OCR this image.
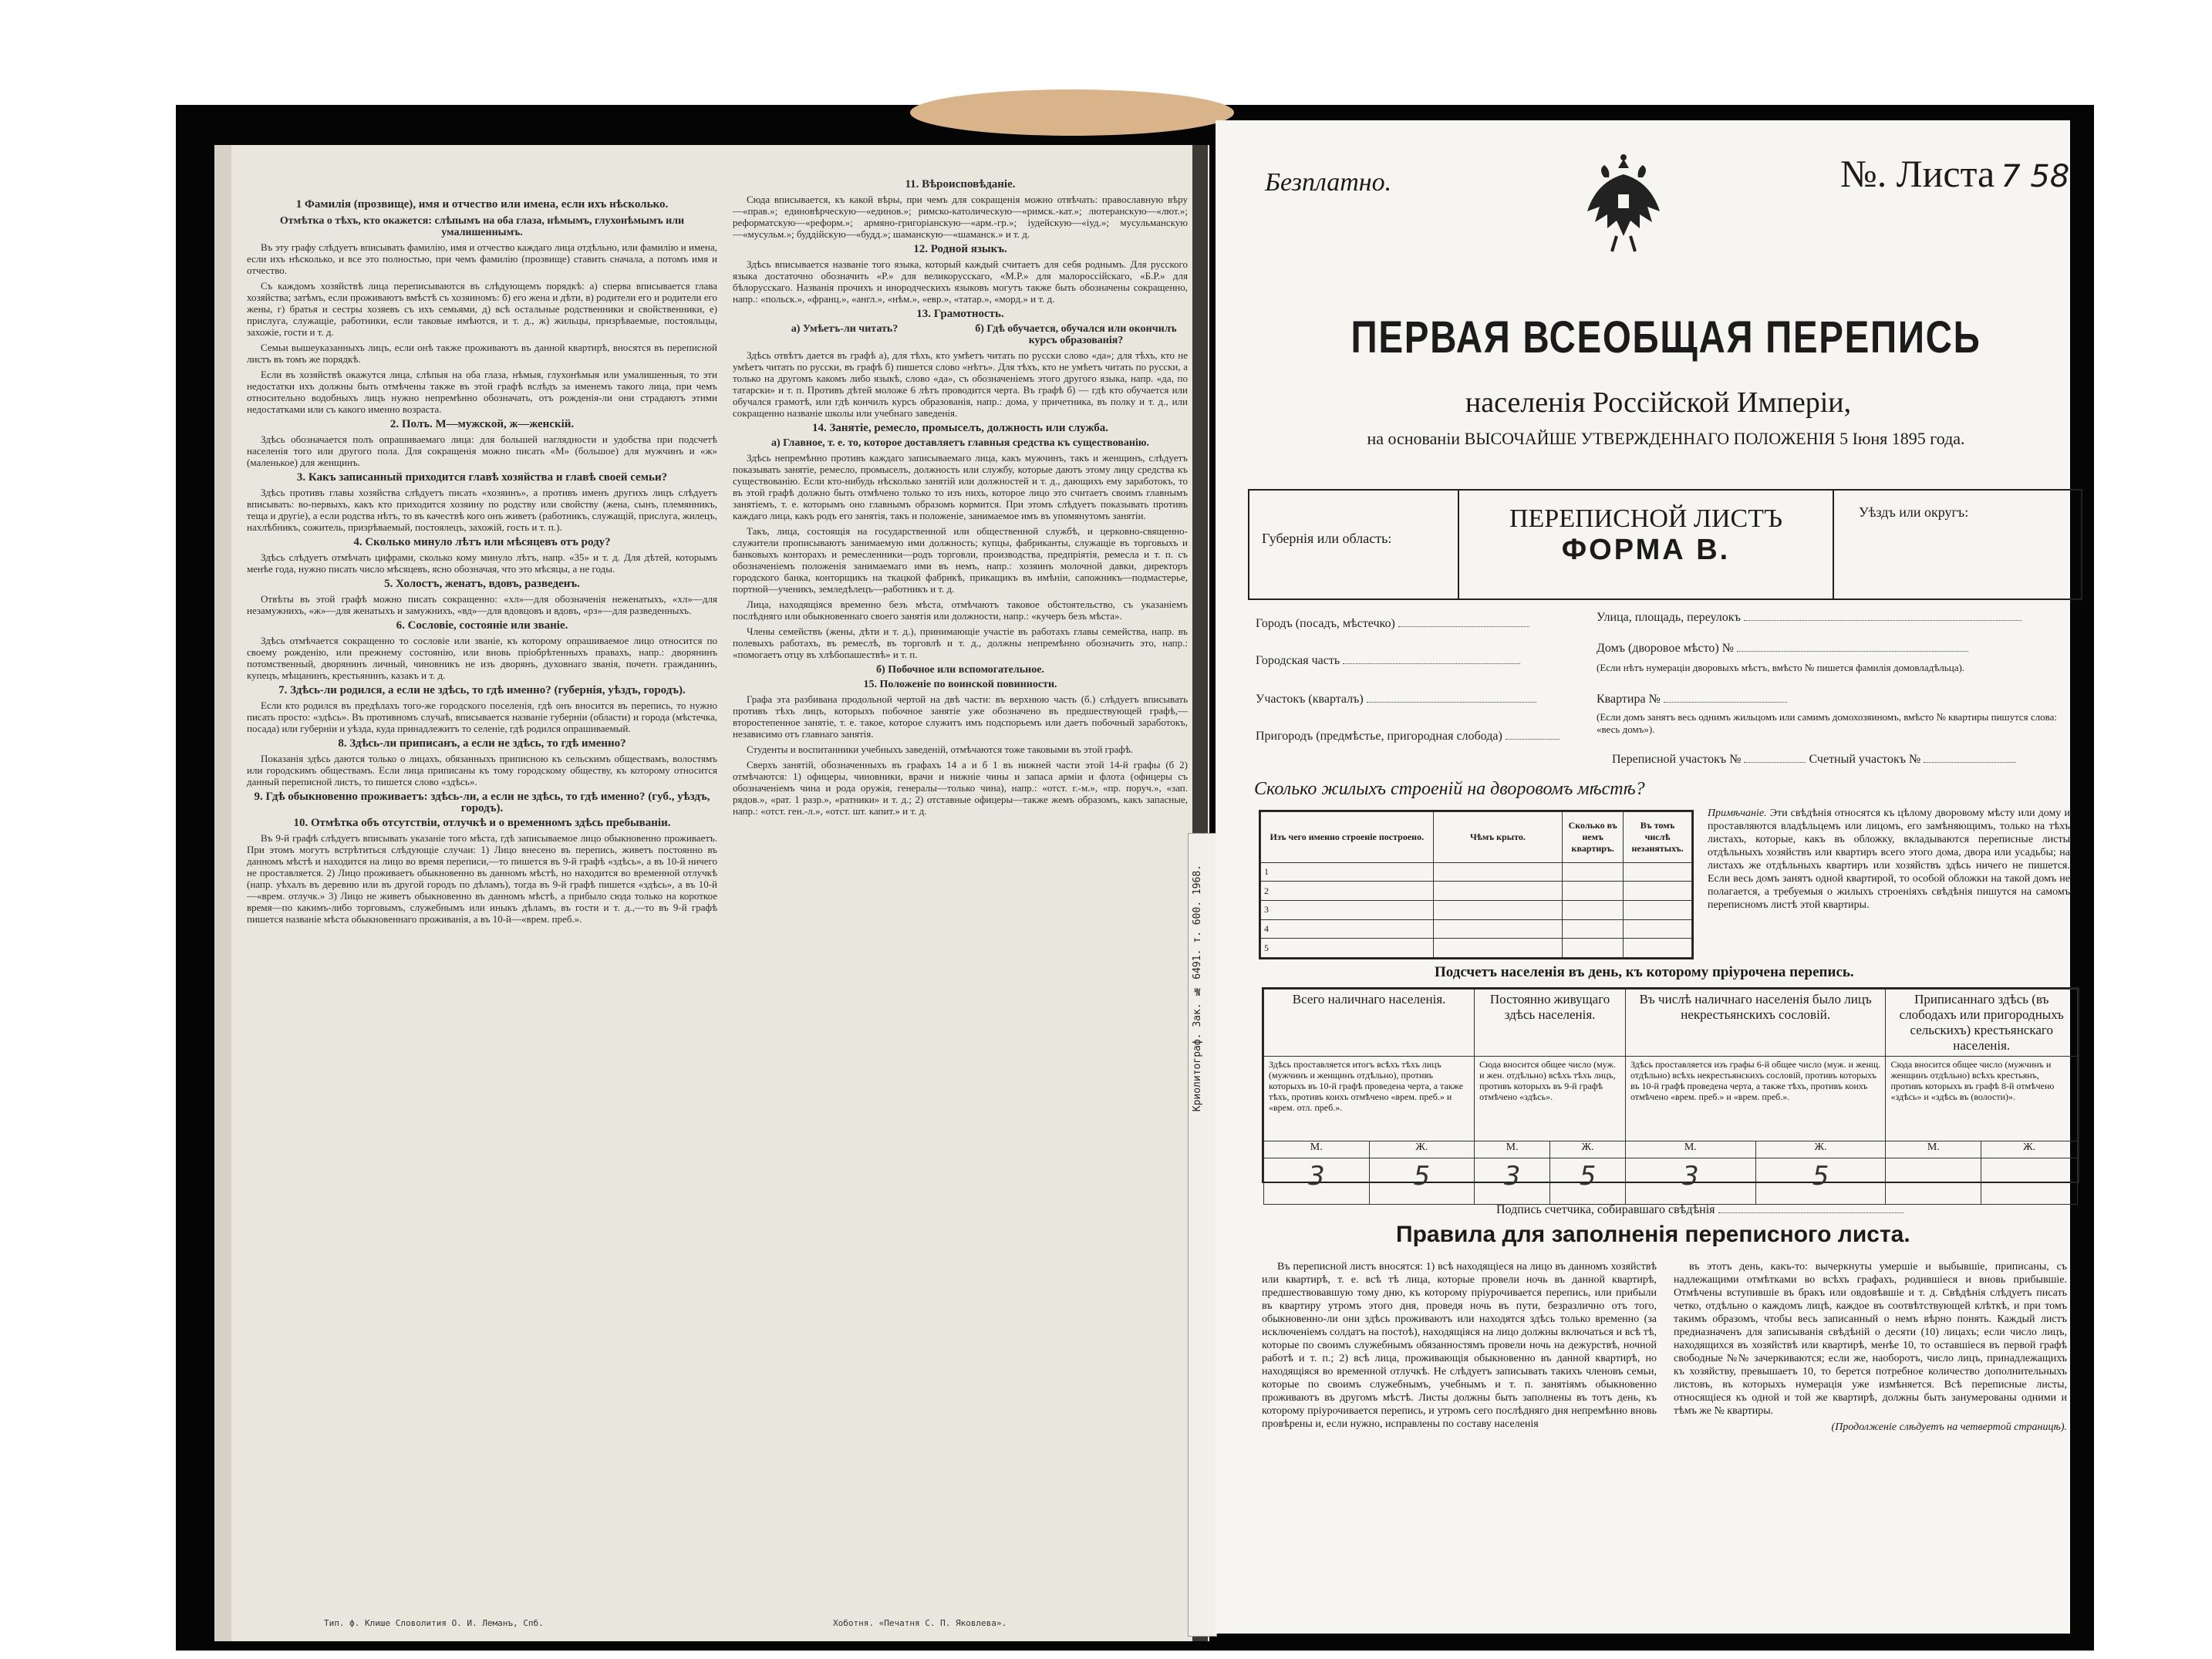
1 Фамилія (прозвище), имя и отчество или имена, если ихъ нѣсколько.
Отмѣтка о тѣхъ, кто окажется: слѣпымъ на оба глаза, нѣмымъ, глухонѣмымъ или умалишеннымъ.

Въ эту графу слѣдуетъ вписывать фамилію, имя и отчество каждаго лица отдѣльно, или фамилію и имена, если ихъ нѣсколько, и все это полностью, при чемъ фамилію (прозвище) ставить сначала, а потомъ имя и отчество.

Съ каждомъ хозяйствѣ лица переписываются въ слѣдующемъ порядкѣ: а) сперва вписывается глава хозяйства; затѣмъ, если проживаютъ вмѣстѣ съ хозяиномъ: б) его жена и дѣти, в) родители его и родители его жены, г) братья и сестры хозяевъ съ ихъ семьями, д) всѣ остальные родственники и свойственники, е) прислуга, служащіе, работники, если таковые имѣются, и т. д., ж) жильцы, призрѣваемые, постояльцы, захожіе, гости и т. д.

Семьи вышеуказанныхъ лицъ, если онѣ также проживаютъ въ данной квартирѣ, вносятся въ переписной листъ въ томъ же порядкѣ.

Если въ хозяйствѣ окажутся лица, слѣпыя на оба глаза, нѣмыя, глухонѣмыя или умалишенныя, то эти недостатки ихъ должны быть отмѣчены также въ этой графѣ вслѣдъ за именемъ такого лица, при чемъ относительно водобныхъ лицъ нужно непремѣнно обозначать, отъ рожденія-ли они страдаютъ этими недостатками или съ какого именно возраста.

2. Полъ. М—мужской, ж—женскій.

Здѣсь обозначается полъ опрашиваемаго лица: для большей наглядности и удобства при подсчетѣ населенія того или другого пола. Для сокращенія можно писать «М» (большое) для мужчинъ и «ж» (маленькое) для женщинъ.

3. Какъ записанный приходится главѣ хозяйства и главѣ своей семьи?

Здѣсь противъ главы хозяйства слѣдуетъ писать «хозяинъ», а противъ именъ другихъ лицъ слѣдуетъ вписывать: во-первыхъ, какъ кто приходится хозяину по родству или свойству (жена, сынъ, племянникъ, теща и другіе), а если родства нѣтъ, то въ качествѣ кого онъ живетъ (работникъ, служащій, прислуга, жилецъ, нахлѣбникъ, сожитель, призрѣваемый, постоялецъ, захожій, гость и т. п.).

4. Сколько минуло лѣтъ или мѣсяцевъ отъ роду?

Здѣсь слѣдуетъ отмѣчать цифрами, сколько кому минуло лѣтъ, напр. «35» и т. д. Для дѣтей, которымъ менѣе года, нужно писать число мѣсяцевъ, ясно обозначая, что это мѣсяцы, а не годы.

5. Холостъ, женатъ, вдовъ, разведенъ.

Отвѣты въ этой графѣ можно писать сокращенно: «хл»—для обозначенія неженатыхъ, «хл»—для незамужнихъ, «ж»—для женатыхъ и замужнихъ, «вд»—для вдовцовъ и вдовъ, «рз»—для разведенныхъ.

6. Сословіе, состояніе или званіе.

Здѣсь отмѣчается сокращенно то сословіе или званіе, къ которому опрашиваемое лицо относится по своему рожденію, или прежнему состоянію, или вновь пріобрѣтенныхъ правахъ, напр.: дворянинъ потомственный, дворянинъ личный, чиновникъ не изъ дворянъ, духовнаго званія, почетн. гражданинъ, купецъ, мѣщанинъ, крестьянинъ, казакъ и т. д.

7. Здѣсь-ли родился, а если не здѣсь, то гдѣ именно? (губернія, уѣздъ, городъ).

Если кто родился въ предѣлахъ того-же городского поселенія, гдѣ онъ вносится въ перепись, то нужно писать просто: «здѣсь». Въ противномъ случаѣ, вписывается названіе губерніи (области) и города (мѣстечка, посада) или губерніи и уѣзда, куда принадлежитъ то селеніе, гдѣ родился опрашиваемый.

8. Здѣсь-ли приписанъ, а если не здѣсь, то гдѣ именно?

Показанія здѣсь даются только о лицахъ, обязанныхъ приписною къ сельскимъ обществамъ, волостямъ или городскимъ обществамъ. Если лица приписаны къ тому городскому обществу, къ которому относится данный переписной листъ, то пишется слово «здѣсь».

9. Гдѣ обыкновенно проживаетъ: здѣсь-ли, а если не здѣсь, то гдѣ именно? (губ., уѣздъ, городъ).
10. Отмѣтка объ отсутствіи, отлучкѣ и о временномъ здѣсь пребываніи.

Въ 9-й графѣ слѣдуетъ вписывать указаніе того мѣста, гдѣ записываемое лицо обыкновенно проживаетъ. При этомъ могутъ встрѣтиться слѣдующіе случаи: 1) Лицо внесено въ перепись, живетъ постоянно въ данномъ мѣстѣ и находится на лицо во время переписи,—то пишется въ 9-й графѣ «здѣсь», а въ 10-й ничего не проставляется. 2) Лицо проживаетъ обыкновенно въ данномъ мѣстѣ, но находится во временной отлучкѣ (напр. уѣхалъ въ деревню или въ другой городъ по дѣламъ), тогда въ 9-й графѣ пишется «здѣсь», а въ 10-й—«врем. отлучк.» 3) Лицо не живетъ обыкновенно въ данномъ мѣстѣ, а прибыло сюда только на короткое время—по какимъ-либо торговымъ, служебнымъ или иныкъ дѣламъ, въ гости и т. д.,—то въ 9-й графѣ пишется названіе мѣста обыкновеннаго проживанія, а въ 10-й—«врем. преб.».

11. Вѣроисповѣданіе.

Сюда вписывается, къ какой вѣры, при чемъ для сокращенія можно отвѣчать: православную вѣру—«прав.»; единовѣрческую—«единов.»; римско-католическую—«римск.-кат.»; лютеранскую—«лют.»; реформатскую—«реформ.»; армяно-григоріанскую—«арм.-гр.»; іудейскую—«іуд.»; мусульманскую—«мусульм.»; буддійскую—«будд.»; шаманскую—«шаманск.» и т. д.

12. Родной языкъ.

Здѣсь вписывается названіе того языка, который каждый считаетъ для себя роднымъ. Для русского языка достаточно обозначить «Р.» для великорусскаго, «М.Р.» для малороссійскаго, «Б.Р.» для бѣлорусскаго. Названія прочихъ и инородческихъ языковъ могутъ также быть обозначены сокращенно, напр.: «польск.», «франц.», «англ.», «нѣм.», «евр.», «татар.», «морд.» и т. д.

13. Грамотность.
а) Умѣетъ-ли читать?	б) Гдѣ обучается, обучался или окончилъ курсъ образованія?

Здѣсь отвѣтъ дается въ графѣ а), для тѣхъ, кто умѣетъ читать по русски слово «да»; для тѣхъ, кто не умѣетъ читать по русски, въ графѣ б) пишется слово «нѣтъ». Для тѣхъ, кто не умѣетъ читать по русски, а только на другомъ какомъ либо языкѣ, слово «да», съ обозначеніемъ этого другого языка, напр. «да, по татарски» и т. п. Противъ дѣтей моложе 6 лѣтъ проводится черта. Въ графѣ б) — гдѣ кто обучается или обучался грамотѣ, или гдѣ кончилъ курсъ образованія, напр.: дома, у причетника, въ полку и т. д., или сокращенно названіе школы или учебнаго заведенія.

14. Занятіе, ремесло, промыселъ, должность или служба.
а) Главное, т. е. то, которое доставляетъ главныя средства къ существованію.

Здѣсь непремѣнно противъ каждаго записываемаго лица, какъ мужчинъ, такъ и женщинъ, слѣдуетъ показывать занятіе, ремесло, промыселъ, должность или службу, которые даютъ этому лицу средства къ существованію. Если кто-нибудь нѣсколько занятій или должностей и т. д., дающихъ ему заработокъ, то въ этой графѣ должно быть отмѣчено только то изъ нихъ, которое лицо это считаетъ своимъ главнымъ занятіемъ, т. е. которымъ оно главнымъ образомъ кормится. При этомъ слѣдуетъ показывать противъ каждаго лица, какъ родъ его занятія, такъ и положеніе, занимаемое имъ въ упомянутомъ занятіи.

Такъ, лица, состоящія на государственной или общественной службѣ, и церковно-священно-служители прописываютъ занимаемую ими должность; купцы, фабриканты, служащіе въ торговыхъ и банковыхъ конторахъ и ремесленники—родъ торговли, производства, предпріятія, ремесла и т. п. съ обозначеніемъ положенія занимаемаго ими въ немъ, напр.: хозяинъ молочной давки, директоръ городского банка, конторщикъ на ткацкой фабрикѣ, прикащикъ въ имѣніи, сапожникъ—подмастерье, портной—ученикъ, земледѣлецъ—работникъ и т. д.

Лица, находящіяся временно безъ мѣста, отмѣчаютъ таковое обстоятельство, съ указаніемъ послѣдняго или обыкновеннаго своего занятія или должности, напр.: «кучеръ безъ мѣста».

Члены семействъ (жены, дѣти и т. д.), принимающіе участіе въ работахъ главы семейства, напр. въ полевыхъ работахъ, въ ремеслѣ, въ торговлѣ и т. д., должны непремѣнно обозначить это, напр.: «помогаетъ отцу въ хлѣбопашествѣ» и т. п.

б) Побочное или вспомогательное.
15. Положеніе по воинской повинности.

Графа эта разбивана продольной чертой на двѣ части: въ верхнюю часть (б.) слѣдуетъ вписывать противъ тѣхъ лицъ, которыхъ побочное занятіе уже обозначено въ предшествующей графѣ,—второстепенное занятіе, т. е. такое, которое служитъ имъ подспорьемъ или даетъ побочный заработокъ, независимо отъ главнаго занятія.

Студенты и воспитанники учебныхъ заведеній, отмѣчаются тоже таковыми въ этой графѣ.

Сверхъ занятій, обозначенныхъ въ графахъ 14 а и б 1 въ нижней части этой 14-й графы (б 2) отмѣчаются: 1) офицеры, чиновники, врачи и нижніе чины и запаса арміи и флота (офицеры съ обозначеніемъ чина и рода оружія, генералы—только чина), напр.: «отст. г.-м.», «пр. поруч.», «зап. рядов.», «рат. 1 разр.», «ратники» и т. д.; 2) отставные офицеры—также жемъ образомъ, какъ запасные, напр.: «отст. ген.-л.», «отст. шт. капит.» и т. д.

Тип. ф. Клише Словолития О. И. Леманъ, Спб.	Хоботня. «Печатня С. П. Яковлева».
Криолитограф. Зак. № 6491. т. 600. 1968.
Безплатно.	№. Листа 7 58
ПЕРВАЯ ВСЕОБЩАЯ ПЕРЕПИСЬ
населенія Россійской Имперіи,
на основаніи ВЫСОЧАЙШЕ УТВЕРЖДЕННАГО ПОЛОЖЕНІЯ 5 Іюня 1895 года.
Губернія или область:
ПЕРЕПИСНОЙ ЛИСТЪ
ФОРМА В.
Уѣздъ или округъ:
Городъ (посадъ, мѣстечко)
Городская часть
Участокъ (кварталъ)
Пригородъ (предмѣстье, пригородная слобода)
Улица, площадь, переулокъ
Домъ (дворовое мѣсто) №
(Если нѣтъ нумераціи дворовыхъ мѣстъ, вмѣсто № пишется фамилія домовладѣльца).
Квартира №
(Если домъ занятъ весь однимъ жильцомъ или самимъ домохозяиномъ, вмѣсто № квартиры пишутся слова: «весь домъ»).
Переписной участокъ №	Счетный участокъ №
Сколько жилыхъ строеній на дворовомъ мѣстѣ?
Изъ чего именно строеніе построено.	Чѣмъ крыто.	Сколько въ немъ квартиръ.	Въ томъ числѣ незанятыхъ.
1			
2			
3			
4			
5			
Примѣчаніе. Эти свѣдѣнія относятся къ цѣлому дворовому мѣсту или дому и проставляются владѣльцемъ или лицомъ, его замѣняющимъ, только на тѣхъ листахъ, которые, какъ въ обложку, вкладываются переписные листы отдѣльныхъ хозяйствъ или квартиръ всего этого дома, двора или усадьбы; на листахъ же отдѣльныхъ квартиръ или хозяйствъ здѣсь ничего не пишется. Если весь домъ занятъ одной квартирой, то особой обложки на такой домъ не полагается, а требуемыя о жилыхъ строеніяхъ свѣдѣнія пишутся на самомъ переписномъ листѣ этой квартиры.
Подсчетъ населенія въ день, къ которому пріурочена перепись.
Всего наличнаго населенія.		Постоянно живущаго здѣсь населенія.		Въ числѣ наличнаго населенія было лицъ некрестьянскихъ сословій.		Приписаннаго здѣсь (въ слободахъ или пригородныхъ сельскихъ) крестьянскаго населенія.	
Здѣсь проставляется итогъ всѣхъ тѣхъ лицъ (мужчинъ и женщинъ отдѣльно), противъ которыхъ въ 10-й графѣ проведена черта, а также тѣхъ, противъ коихъ отмѣчено «врем. преб.» и «врем. отл. преб.».		Сюда вносится общее число (муж. и жен. отдѣльно) всѣхъ тѣхъ лицъ, противъ которыхъ въ 9-й графѣ отмѣчено «здѣсь».		Здѣсь проставляется изъ графы 6-й общее число (муж. и женщ. отдѣльно) всѣхъ некрестьянскихъ сословій, противъ которыхъ въ 10-й графѣ проведена черта, а также тѣхъ, противъ коихъ отмѣчено «врем. преб.» и «врем. преб.».		Сюда вносится общее число (мужчинъ и женщинъ отдѣльно) всѣхъ крестьянъ, противъ которыхъ въ графѣ 8-й отмѣчено «здѣсь» и «здѣсь въ (волости)».	
М.	Ж.	М.	Ж.	М.	Ж.	М.	Ж.
3	5	3	5	3	5		
Подпись счетчика, собиравшаго свѣдѣнія
Правила для заполненія переписного листа.

Въ переписной листъ вносятся: 1) всѣ находящіеся на лицо въ данномъ хозяйствѣ или квартирѣ, т. е. всѣ тѣ лица, которые провели ночь въ данной квартирѣ, предшествовавшую тому дню, къ которому пріурочивается перепись, или прибыли въ квартиру утромъ этого дня, проведя ночь въ пути, безразлично отъ того, обыкновенно-ли они здѣсь проживаютъ или находятся здѣсь только временно (за исключеніемъ солдатъ на постоѣ), находящіяся на лицо должны включаться и всѣ тѣ, которые по своимъ служебнымъ обязанностямъ провели ночь на дежурствѣ, ночной работѣ и т. п.; 2) всѣ лица, проживающія обыкновенно въ данной квартирѣ, но находящіяся во временной отлучкѣ. Не слѣдуетъ записывать такихъ членовъ семьи, которые по своимъ служебнымъ, учебнымъ и т. п. занятіямъ обыкновенно проживаютъ въ другомъ мѣстѣ. Листы должны быть заполнены въ тотъ день, къ которому пріурочивается перепись, и утромъ сего послѣдняго дня непремѣнно вновь провѣрены и, если нужно, исправлены по составу населенія

въ этотъ день, какъ-то: вычеркнуты умершіе и выбывшіе, приписаны, съ надлежащими отмѣтками во всѣхъ графахъ, родившіеся и вновь прибывшіе. Отмѣчены вступившіе въ бракъ или овдовѣвшіе и т. д. Свѣдѣнія слѣдуетъ писать четко, отдѣльно о каждомъ лицѣ, каждое въ соотвѣтствующей клѣткѣ, и при томъ такимъ образомъ, чтобы весь записанный о немъ вѣрно понять. Каждый листъ предназначенъ для записыванія свѣдѣній о десяти (10) лицахъ; если число лицъ, находящихся въ хозяйствѣ или квартирѣ, менѣе 10, то оставшіеся въ первой графѣ свободные №№ зачеркиваются; если же, наоборотъ, число лицъ, принадлежащихъ къ хозяйству, превышаетъ 10, то берется потребное количество дополнительныхъ листовъ, въ которыхъ нумерація уже измѣняется. Всѣ переписные листы, относящіеся къ одной и той же квартирѣ, должны быть занумерованы одними и тѣмъ же № квартиры.

(Продолженіе слѣдуетъ на четвертой страницѣ).
